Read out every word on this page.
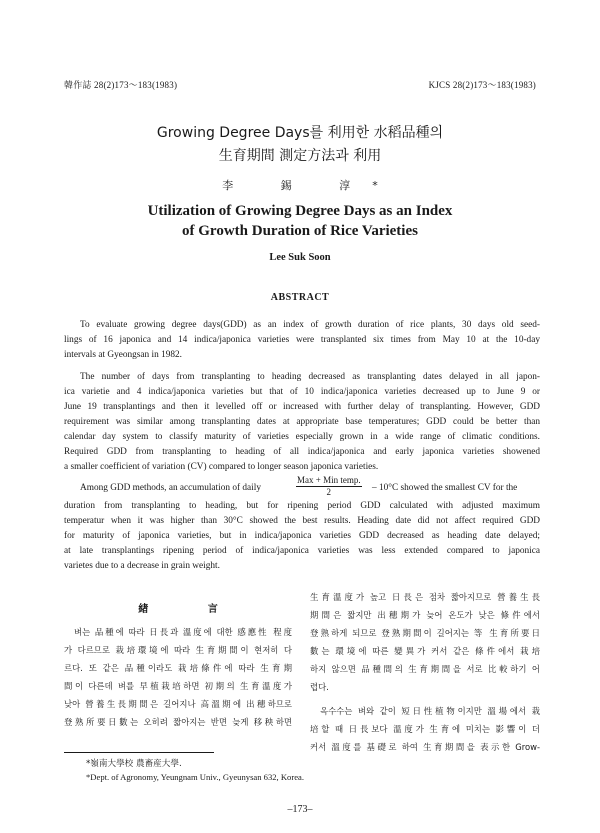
韓作誌 28(2)173～183(1983)	KJCS 28(2)173～183(1983)
Growing Degree Days를 利用한 水稻品種의
生育期間 測定方法과 利用
李 錫 淳*
Utilization of Growing Degree Days as an Index
of Growth Duration of Rice Varieties
Lee Suk Soon
ABSTRACT
To evaluate growing degree days(GDD) as an index of growth duration of rice plants, 30 days old seed-
lings of 16 japonica and 14 indica/japonica varieties were transplanted six times from May 10 at the 10-day
intervals at Gyeongsan in 1982.
The number of days from transplanting to heading decreased as transplanting dates delayed in all japon-
ica varietie and 4 indica/japonica varieties but that of 10 indica/japonica varieties decreased up to June 9 or
June 19 transplantings and then it levelled off or increased with further delay of transplanting. However, GDD
requirement was similar among transplanting dates at appropriate base temperatures; GDD could be better than
calendar day system to classify maturity of varieties especially grown in a wide range of climatic conditions.
Required GDD from transplanting to heading of all indica/japonica and early japonica varieties showened
a smaller coefficient of variation (CV) compared to longer season japonica varieties.
Among GDD methods, an accumulation of daily
Max + Min temp.
2	– 10°C showed the smallest CV for the
duration from transplanting to heading, but for ripening period GDD calculated with adjusted maximum
temperatur when it was higher than 30°C showed the best results. Heading date did not affect required GDD
for maturity of japonica varieties, but in indica/japonica varieties GDD decreased as heading date delayed;
at late transplantings ripening period of indica/japonica varieties was less extended compared to japonica
varietes due to a decrease in grain weight.
緖 言
벼는 品種에 따라 日長과 溫度에 대한 感應性 程度
가 다르므로 栽培環境에 따라 生育期間이 현저히 다
르다. 또 같은 品種이라도 栽培條件에 따라 生育期
間이 다른데 벼를 早植栽培하면 初期의 生育溫度가
낮아 營養生長期間은 길어지나 高溫期에 出穗하므로
登熟所要日數는 오히려 짧아지는 반면 늦게 移秧하면
生育溫度가 높고 日長은 점차 짧아지므로 營養生長
期間은 짧지만 出穗期가 늦어 온도가 낮은 條件에서
登熟하게 되므로 登熟期間이 길어지는 等 生育所要日
數는 環境에 따른 變異가 커서 같은 條件에서 栽培
하지 않으면 品種間의 生育期間을 서로 比較하기 어
렵다.
옥수수는 벼와 같이 短日性植物이지만 溫場에서 栽
培할 때 日長보다 溫度가 生育에 미치는 影響이 더
커서 溫度를 基礎로 하여 生育期間을 表示한 Grow-
*嶺南大學校 農畜産大學.
*Dept. of Agronomy, Yeungnam Univ., Gyeunysan 632, Korea.
–173–
